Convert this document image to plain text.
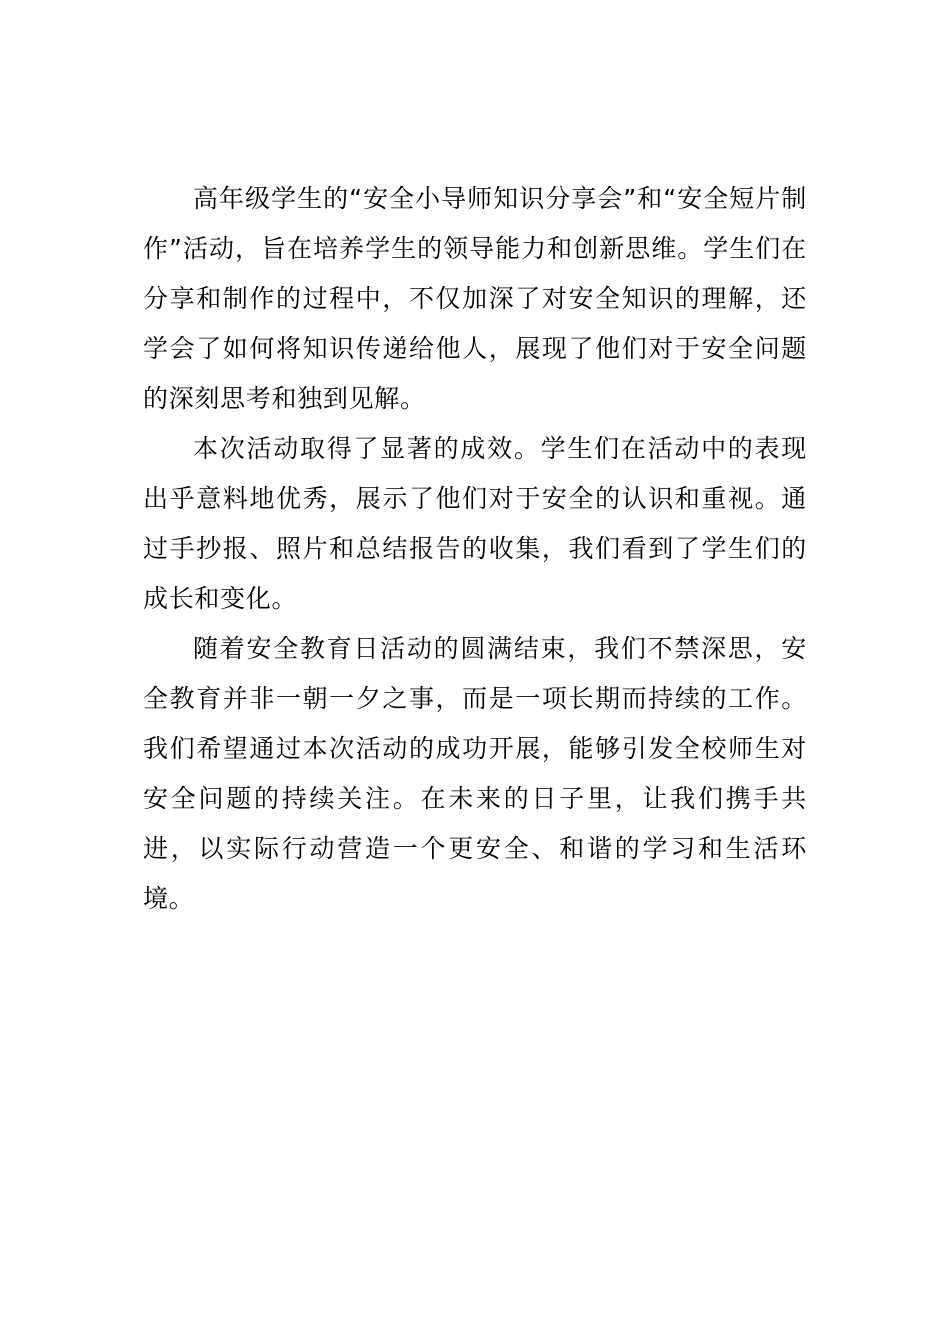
高年级学生的“安全小导师知识分享会”和“安全短片制作”活动，旨在培养学生的领导能力和创新思维。学生们在分享和制作的过程中，不仅加深了对安全知识的理解，还学会了如何将知识传递给他人，展现了他们对于安全问题的深刻思考和独到见解。

本次活动取得了显著的成效。学生们在活动中的表现出乎意料地优秀，展示了他们对于安全的认识和重视。通过手抄报、照片和总结报告的收集，我们看到了学生们的成长和变化。

随着安全教育日活动的圆满结束，我们不禁深思，安全教育并非一朝一夕之事，而是一项长期而持续的工作。我们希望通过本次活动的成功开展，能够引发全校师生对安全问题的持续关注。在未来的日子里，让我们携手共进，以实际行动营造一个更安全、和谐的学习和生活环境。
